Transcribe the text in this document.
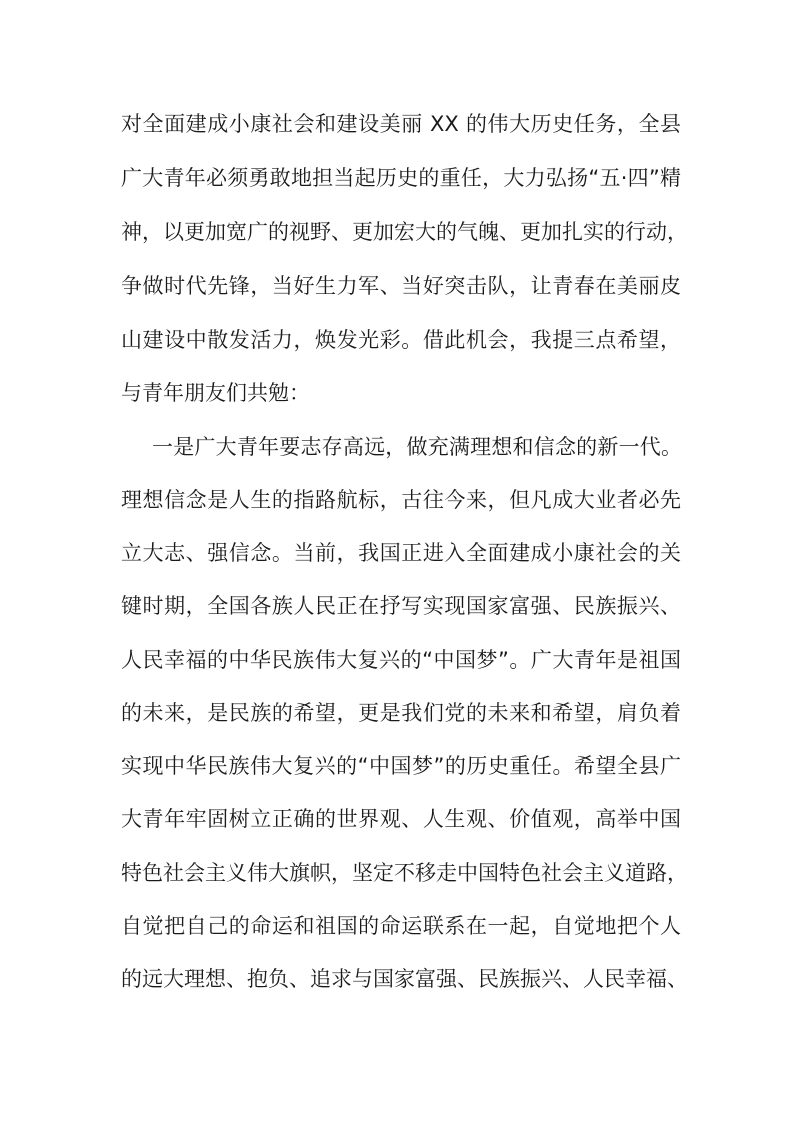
对全面建成小康社会和建设美丽 XX 的伟大历史任务，全县
广大青年必须勇敢地担当起历史的重任，大力弘扬“五·四”精
神，以更加宽广的视野、更加宏大的气魄、更加扎实的行动，
争做时代先锋，当好生力军、当好突击队，让青春在美丽皮
山建设中散发活力，焕发光彩。借此机会，我提三点希望，
与青年朋友们共勉：
一是广大青年要志存高远，做充满理想和信念的新一代。
理想信念是人生的指路航标，古往今来，但凡成大业者必先
立大志、强信念。当前，我国正进入全面建成小康社会的关
键时期，全国各族人民正在抒写实现国家富强、民族振兴、
人民幸福的中华民族伟大复兴的“中国梦”。广大青年是祖国
的未来，是民族的希望，更是我们党的未来和希望，肩负着
实现中华民族伟大复兴的“中国梦”的历史重任。希望全县广
大青年牢固树立正确的世界观、人生观、价值观，高举中国
特色社会主义伟大旗帜，坚定不移走中国特色社会主义道路，
自觉把自己的命运和祖国的命运联系在一起，自觉地把个人
的远大理想、抱负、追求与国家富强、民族振兴、人民幸福、
